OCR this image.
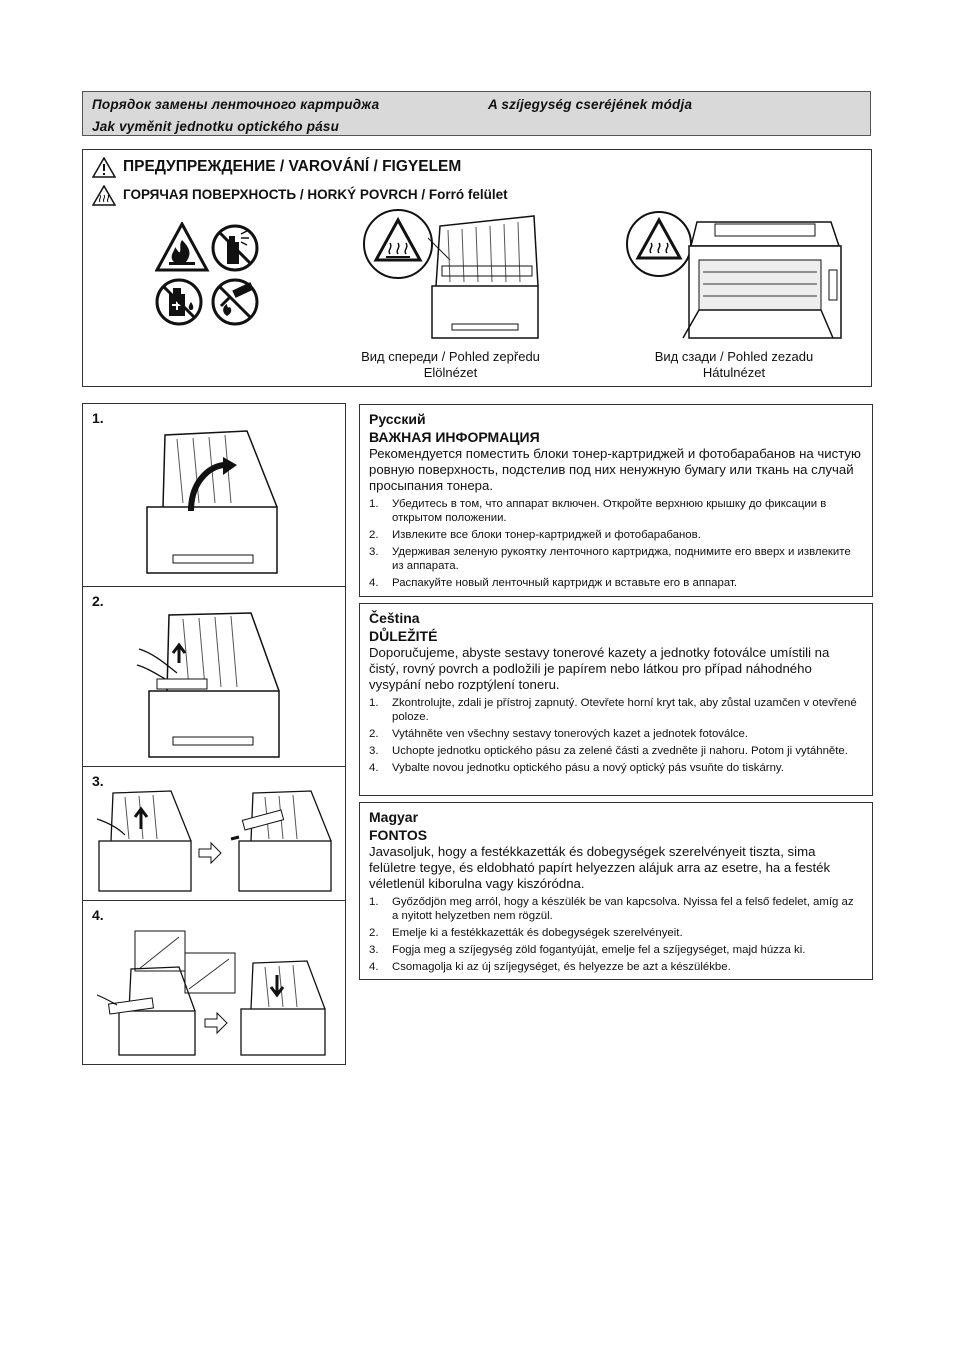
Порядок замены ленточного картриджа	A szíjegység cseréjének módja
Jak vyměnit jednotku optického pásu
ПРЕДУПРЕЖДЕНИЕ / VAROVÁNÍ / FIGYELEM
ГОРЯЧАЯ ПОВЕРХНОСТЬ / HORKÝ POVRCH / Forró felület
Вид спереди / Pohled zepředu
Elölnézet
Вид сзади / Pohled zezadu
Hátulnézet
1.
2.
3.
4.
Русский
ВАЖНАЯ ИНФОРМАЦИЯ
Рекомендуется поместить блоки тонер-картриджей и фотобарабанов на чистую ровную поверхность, подстелив под них ненужную бумагу или ткань на случай просыпания тонера.
1. Убедитесь в том, что аппарат включен. Откройте верхнюю крышку до фиксации в открытом положении.
2. Извлеките все блоки тонер-картриджей и фотобарабанов.
3. Удерживая зеленую рукоятку ленточного картриджа, поднимите его вверх и извлеките из аппарата.
4. Распакуйте новый ленточный картридж и вставьте его в аппарат.
Čeština
DŮLEŽITÉ
Doporučujeme, abyste sestavy tonerové kazety a jednotky fotoválce umístili na čistý, rovný povrch a podložili je papírem nebo látkou pro případ náhodného vysypání nebo rozptýlení toneru.
1. Zkontrolujte, zdali je přístroj zapnutý. Otevřete horní kryt tak, aby zůstal uzamčen v otevřené poloze.
2. Vytáhněte ven všechny sestavy tonerových kazet a jednotek fotoválce.
3. Uchopte jednotku optického pásu za zelené části a zvedněte ji nahoru. Potom ji vytáhněte.
4. Vybalte novou jednotku optického pásu a nový optický pás vsuňte do tiskárny.
Magyar
FONTOS
Javasoljuk, hogy a festékkazetták és dobegységek szerelvényeit tiszta, sima felületre tegye, és eldobható papírt helyezzen alájuk arra az esetre, ha a festék véletlenül kiborulna vagy kiszóródna.
1. Győződjön meg arról, hogy a készülék be van kapcsolva. Nyissa fel a felső fedelet, amíg az a nyitott helyzetben nem rögzül.
2. Emelje ki a festékkazetták és dobegységek szerelvényeit.
3. Fogja meg a szíjegység zöld fogantyúját, emelje fel a szíjegységet, majd húzza ki.
4. Csomagolja ki az új szíjegységet, és helyezze be azt a készülékbe.
